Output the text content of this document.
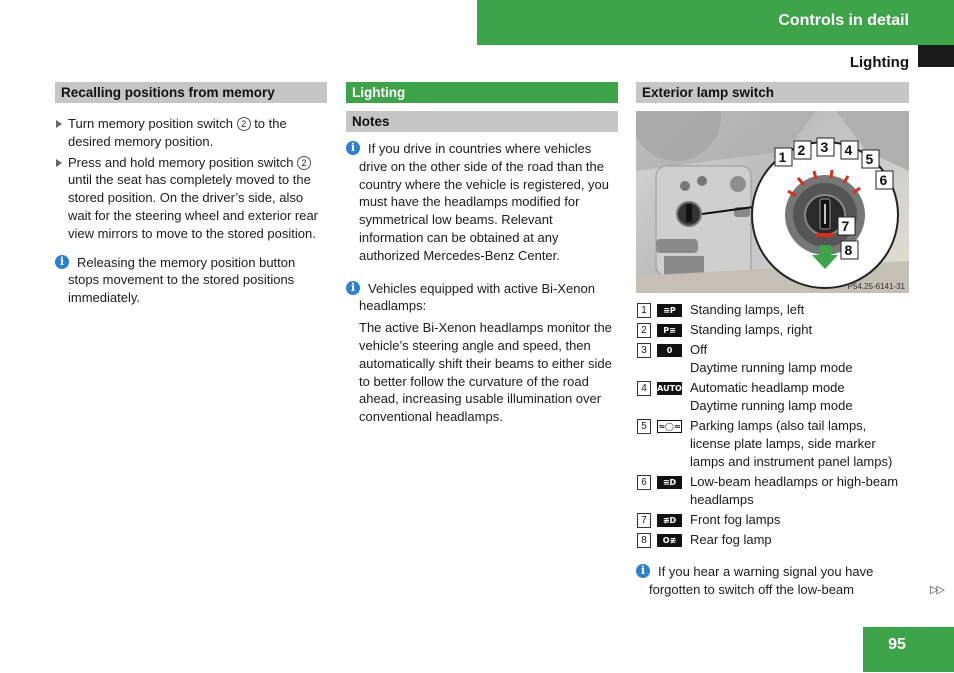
Controls in detail
Lighting
Recalling positions from memory
Turn memory position switch 2 to the desired memory position.
Press and hold memory position switch 2 until the seat has completely moved to the stored position. On the driver’s side, also wait for the steering wheel and exterior rear view mirrors to move to the stored position.
i Releasing the memory position button stops movement to the stored positions immediately.
Lighting
Notes
i If you drive in countries where vehicles drive on the other side of the road than the country where the vehicle is registered, you must have the headlamps modified for symmetrical low beams. Relevant information can be obtained at any authorized Mercedes-Benz Center.
i Vehicles equipped with active Bi-Xenon headlamps:
The active Bi-Xenon headlamps monitor the vehicle’s steering angle and speed, then automatically shift their beams to either side to better follow the curvature of the road ahead, increasing usable illumination over conventional headlamps.
Exterior lamp switch
1 2 3 4
5
6
7
8
P54.25-6141-31
1	≡P	Standing lamps, left
2	P≡	Standing lamps, right
3	0	Off
Daytime running lamp mode
4	AUTO Automatic headlamp mode
Daytime running lamp mode
5	≈◯≈ Parking lamps (also tail lamps,
license plate lamps, side marker
lamps and instrument panel lamps)
6	≡D	Low-beam headlamps or high-beam
headlamps
7	≢D	Front fog lamps
8	O≢	Rear fog lamp
i If you hear a warning signal you have forgotten to switch off the low-beam	▷▷
95
